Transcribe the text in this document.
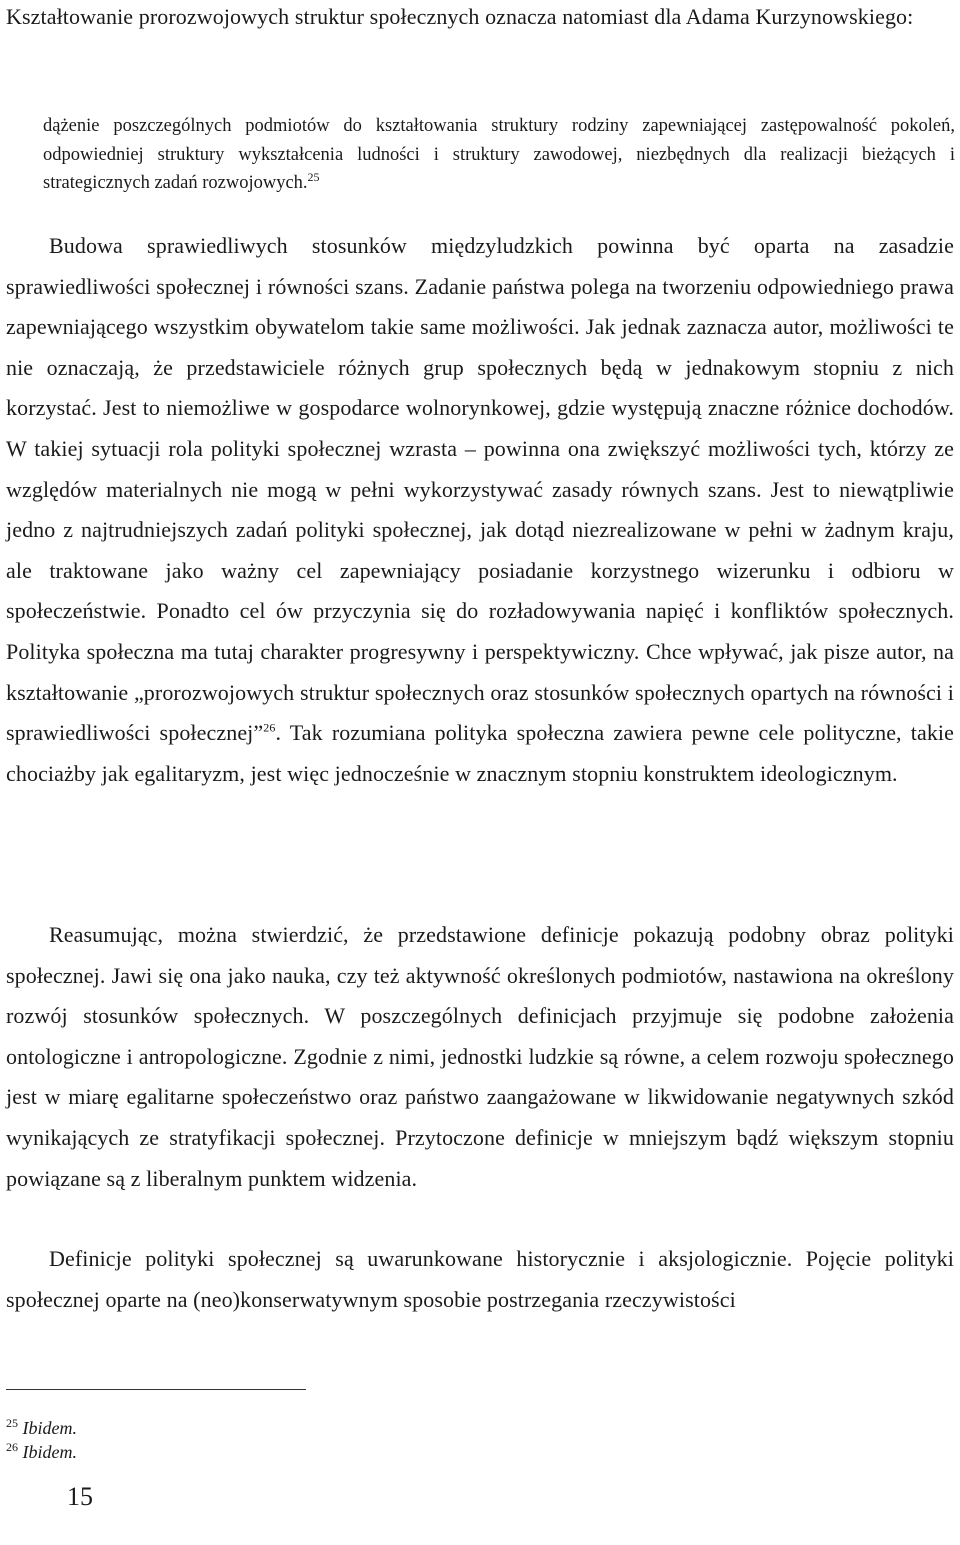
Kształtowanie prorozwojowych struktur społecznych oznacza natomiast dla Adama Kurzynowskiego:

dążenie poszczególnych podmiotów do kształtowania struktury rodziny zapewniającej zastępowalność pokoleń, odpowiedniej struktury wykształcenia ludności i struktury zawodowej, niezbędnych dla realizacji bieżących i strategicznych zadań rozwojowych.$^{25}$

Budowa sprawiedliwych stosunków międzyludzkich powinna być oparta na zasadzie sprawiedliwości społecznej i równości szans. Zadanie państwa polega na tworzeniu odpowiedniego prawa zapewniającego wszystkim obywatelom takie same możliwości. Jak jednak zaznacza autor, możliwości te nie oznaczają, że przedstawiciele różnych grup społecznych będą w jednakowym stopniu z nich korzystać. Jest to niemożliwe w gospodarce wolnorynkowej, gdzie występują znaczne różnice dochodów. W takiej sytuacji rola polityki społecznej wzrasta – powinna ona zwiększyć możliwości tych, którzy ze względów materialnych nie mogą w pełni wykorzystywać zasady równych szans. Jest to niewątpliwie jedno z najtrudniejszych zadań polityki społecznej, jak dotąd niezrealizowane w pełni w żadnym kraju, ale traktowane jako ważny cel zapewniający posiadanie korzystnego wizerunku i odbioru w społeczeństwie. Ponadto cel ów przyczynia się do rozładowywania napięć i konfliktów społecznych. Polityka społeczna ma tutaj charakter progresywny i perspektywiczny. Chce wpływać, jak pisze autor, na kształtowanie „prorozwojowych struktur społecznych oraz stosunków społecznych opartych na równości i sprawiedliwości społecznej”$^{26}$. Tak rozumiana polityka społeczna zawiera pewne cele polityczne, takie chociażby jak egalitaryzm, jest więc jednocześnie w znacznym stopniu konstruktem ideologicznym.

Reasumując, można stwierdzić, że przedstawione definicje pokazują podobny obraz polityki społecznej. Jawi się ona jako nauka, czy też aktywność określonych podmiotów, nastawiona na określony rozwój stosunków społecznych. W poszczególnych definicjach przyjmuje się podobne założenia ontologiczne i antropologiczne. Zgodnie z nimi, jednostki ludzkie są równe, a celem rozwoju społecznego jest w miarę egalitarne społeczeństwo oraz państwo zaangażowane w likwidowanie negatywnych szkód wynikających ze stratyfikacji społecznej. Przytoczone definicje w mniejszym bądź większym stopniu powiązane są z liberalnym punktem widzenia.

Definicje polityki społecznej są uwarunkowane historycznie i aksjologicznie. Pojęcie polityki społecznej oparte na (neo)konserwatywnym sposobie postrzegania rzeczywistości

$^{25}$ Ibidem.
$^{26}$ Ibidem.
15
